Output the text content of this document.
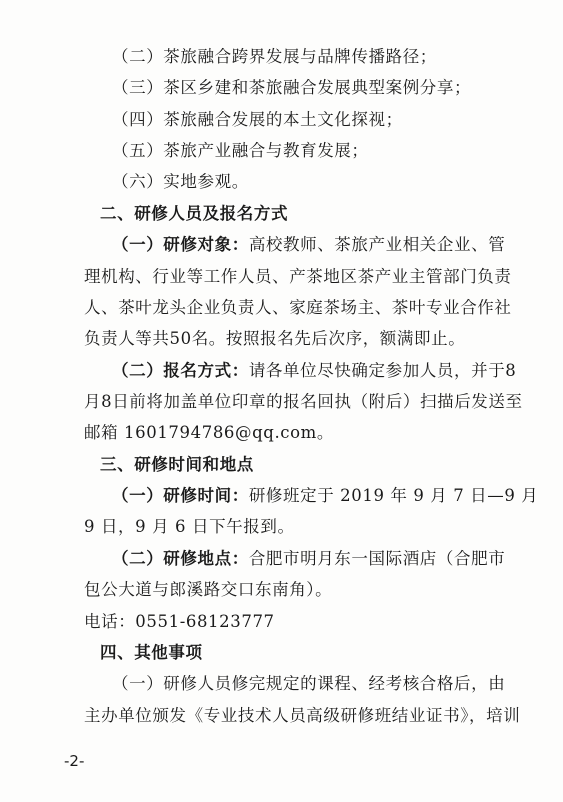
（二）茶旅融合跨界发展与品牌传播路径；
（三）茶区乡建和茶旅融合发展典型案例分享；
（四）茶旅融合发展的本土文化探视；
（五）茶旅产业融合与教育发展；
（六）实地参观。
二、研修人员及报名方式
（一）研修对象：高校教师、茶旅产业相关企业、管
理机构、行业等工作人员、产茶地区茶产业主管部门负责
人、茶叶龙头企业负责人、家庭茶场主、茶叶专业合作社
负责人等共50名。按照报名先后次序，额满即止。
（二）报名方式：请各单位尽快确定参加人员，并于8
月8日前将加盖单位印章的报名回执（附后）扫描后发送至
邮箱 1601794786@qq.com。
三、研修时间和地点
（一）研修时间：研修班定于 2019 年 9 月 7 日—9 月
9 日，9 月 6 日下午报到。
（二）研修地点：合肥市明月东一国际酒店（合肥市
包公大道与郎溪路交口东南角）。
-2-
电话：0551-68123777
四、其他事项
（一）研修人员修完规定的课程、经考核合格后，由
主办单位颁发《专业技术人员高级研修班结业证书》，培训
